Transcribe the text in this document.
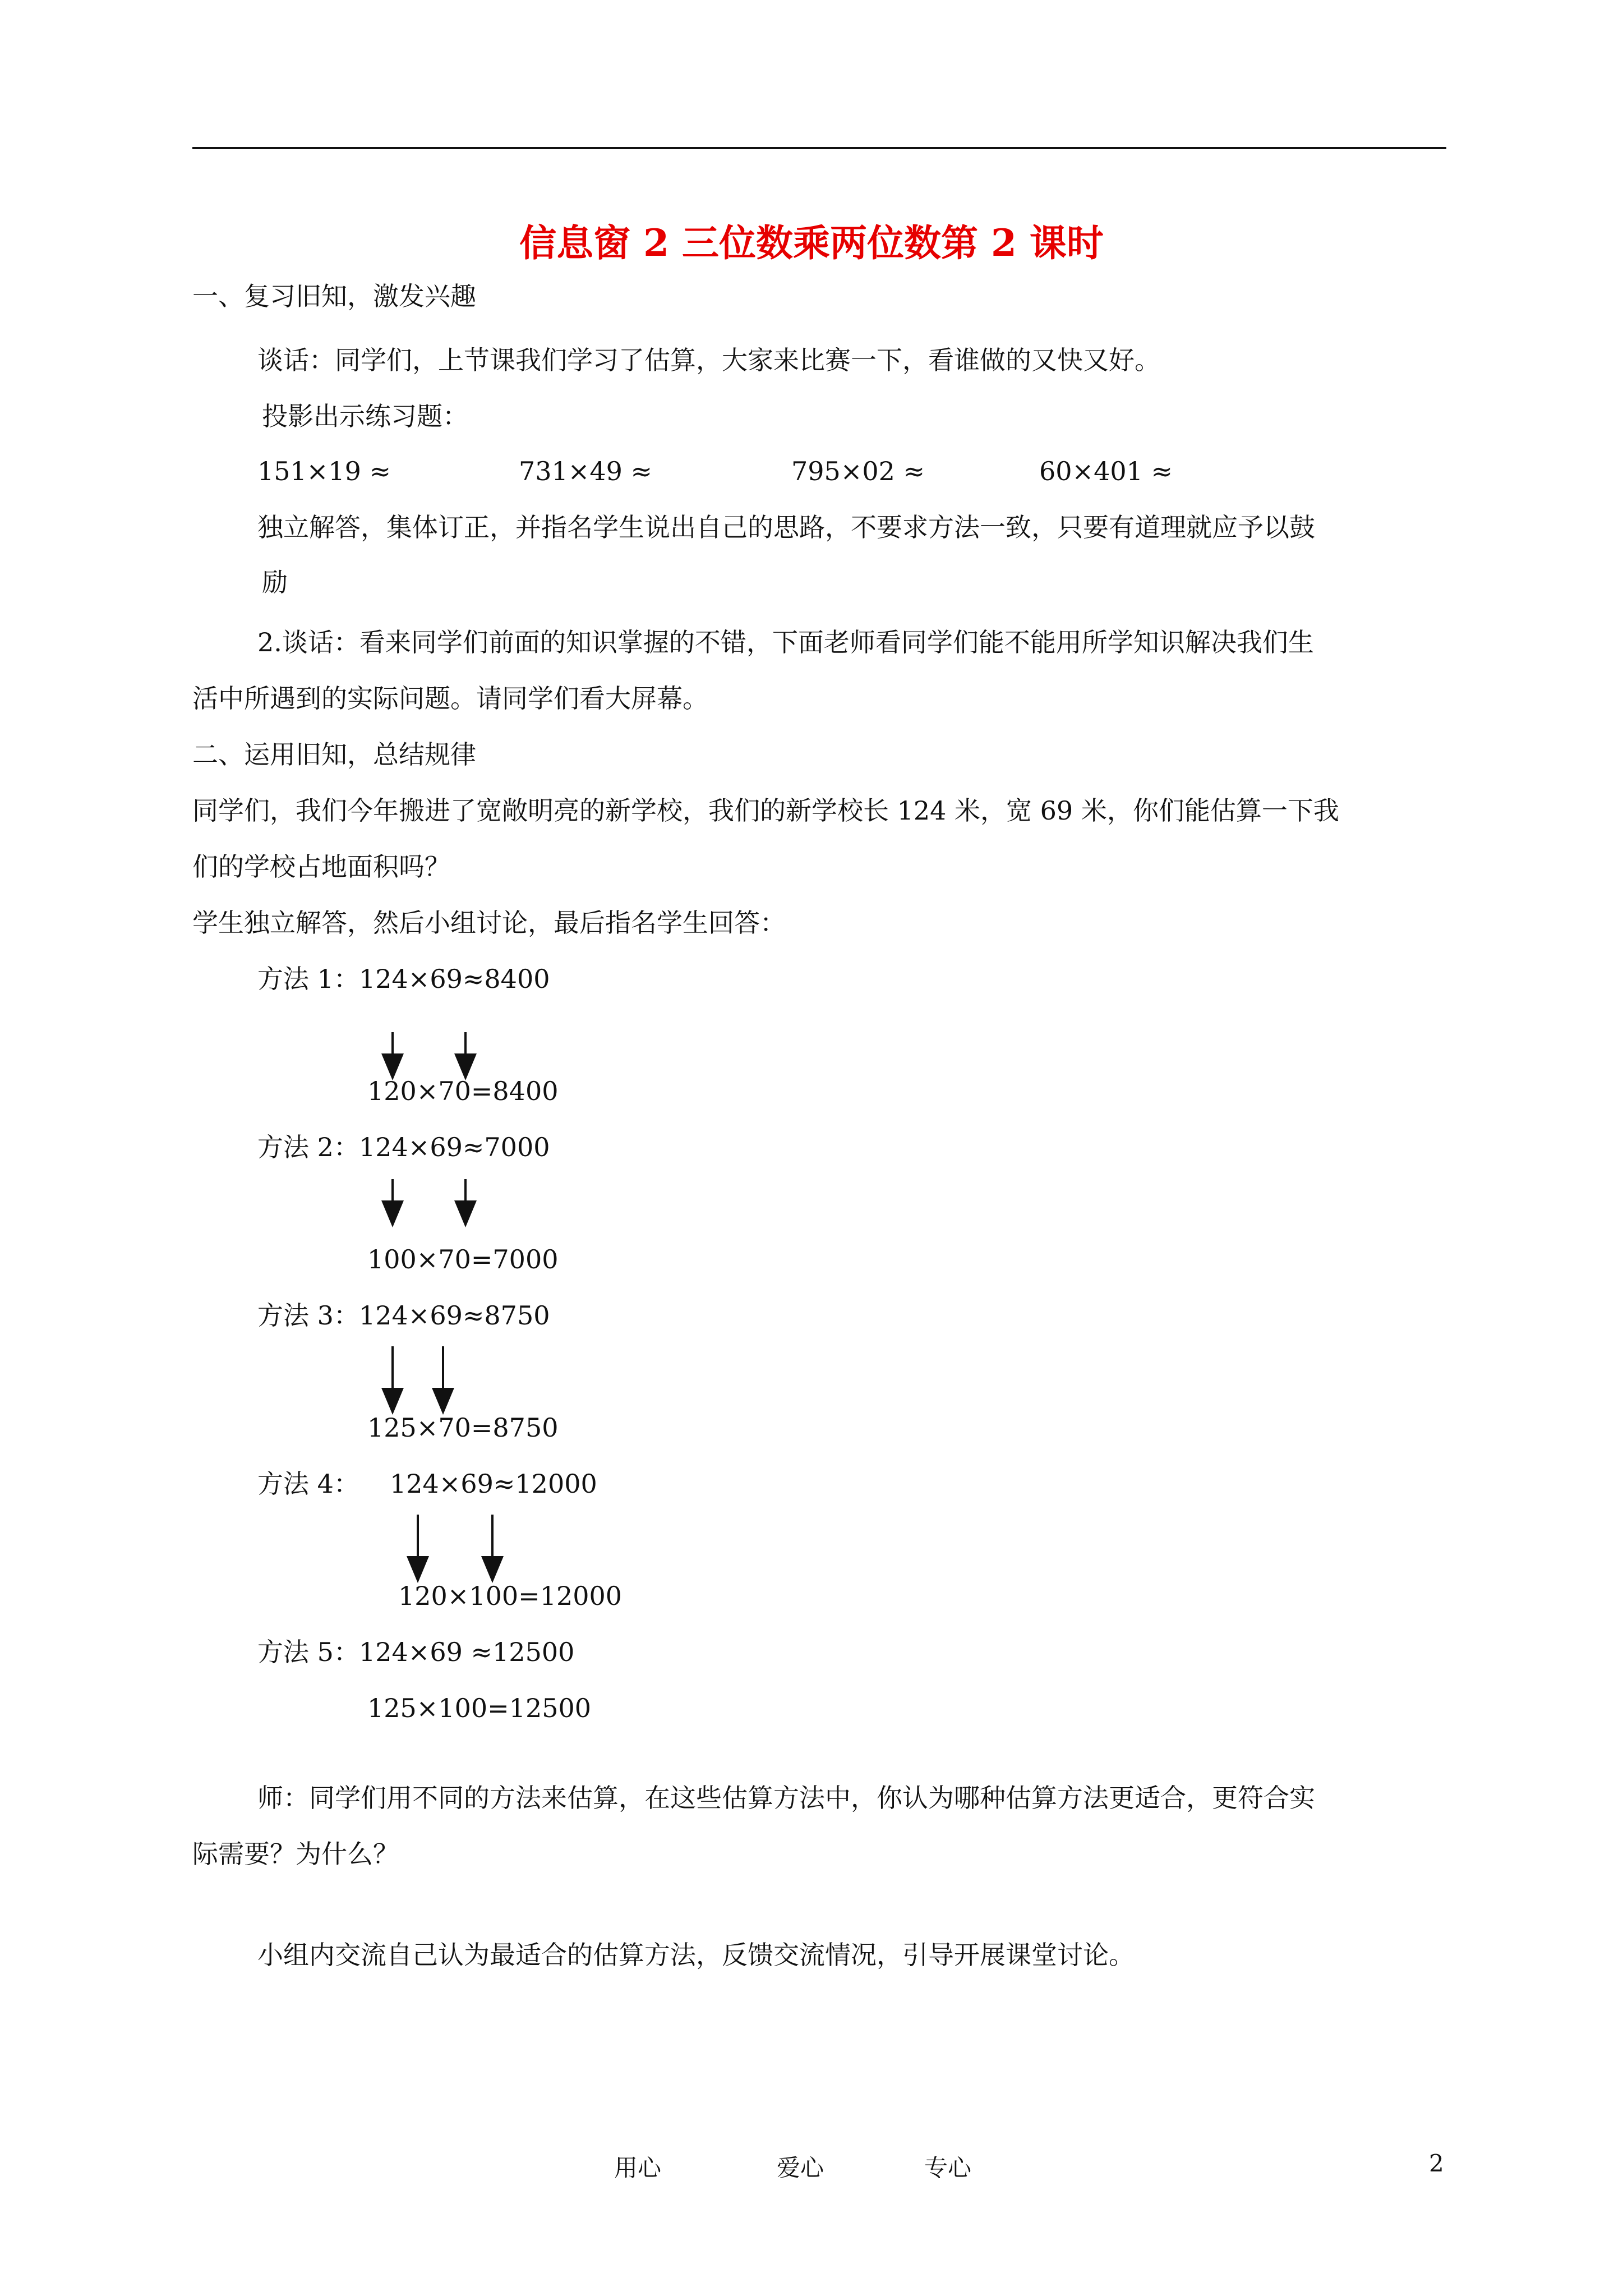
信息窗 2 三位数乘两位数第 2 课时
一、复习旧知，激发兴趣
谈话：同学们，上节课我们学习了估算，大家来比赛一下，看谁做的又快又好。
投影出示练习题：
151×19 ≈	731×49 ≈	795×02 ≈	60×401 ≈
独立解答，集体订正，并指名学生说出自己的思路，不要求方法一致，只要有道理就应予以鼓
励
2.谈话：看来同学们前面的知识掌握的不错，下面老师看同学们能不能用所学知识解决我们生
活中所遇到的实际问题。请同学们看大屏幕。
二、运用旧知，总结规律
同学们，我们今年搬进了宽敞明亮的新学校，我们的新学校长 124 米，宽 69 米，你们能估算一下我
们的学校占地面积吗？
学生独立解答，然后小组讨论，最后指名学生回答：
方法 1： 124×69≈8400
120×70=8400
方法 2： 124×69≈7000
100×70=7000
方法 3： 124×69≈8750
125×70=8750
方法 4： 124×69≈12000
120×100=12000
方法 5： 124×69 ≈12500
125×100=12500
师：同学们用不同的方法来估算，在这些估算方法中，你认为哪种估算方法更适合，更符合实
际需要？为什么？
小组内交流自己认为最适合的估算方法，反馈交流情况，引导开展课堂讨论。
用心	爱心	专心	2
